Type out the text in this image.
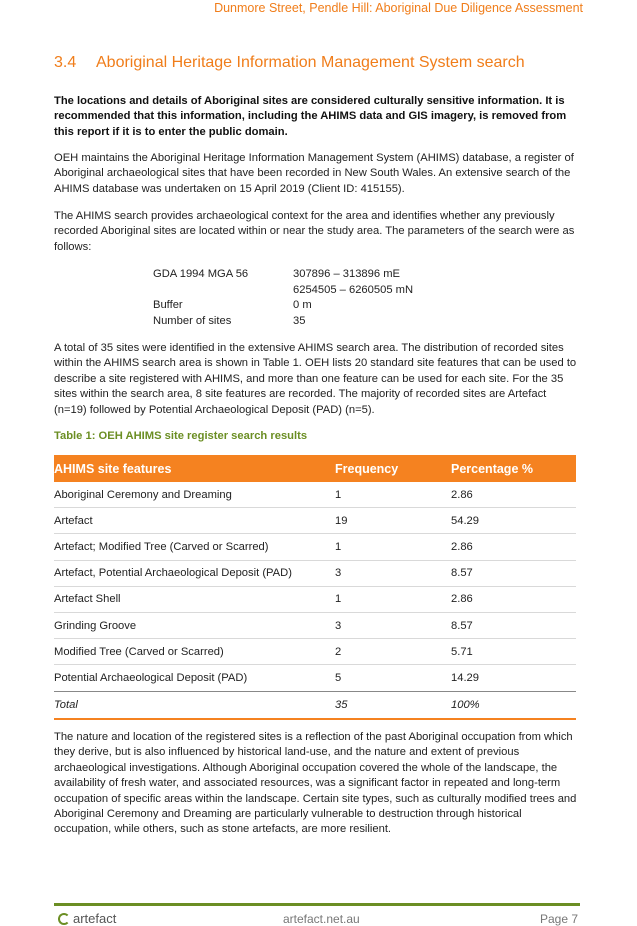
Dunmore Street, Pendle Hill: Aboriginal Due Diligence Assessment
3.4 Aboriginal Heritage Information Management System search

The locations and details of Aboriginal sites are considered culturally sensitive information. It is recommended that this information, including the AHIMS data and GIS imagery, is removed from this report if it is to enter the public domain.

OEH maintains the Aboriginal Heritage Information Management System (AHIMS) database, a register of Aboriginal archaeological sites that have been recorded in New South Wales. An extensive search of the AHIMS database was undertaken on 15 April 2019 (Client ID: 415155).

The AHIMS search provides archaeological context for the area and identifies whether any previously recorded Aboriginal sites are located within or near the study area. The parameters of the search were as follows:

GDA 1994 MGA 56	307896 – 313896 mE
6254505 – 6260505 mN
Buffer	0 m
Number of sites	35

A total of 35 sites were identified in the extensive AHIMS search area. The distribution of recorded sites within the AHIMS search area is shown in Table 1. OEH lists 20 standard site features that can be used to describe a site registered with AHIMS, and more than one feature can be used for each site. For the 35 sites within the search area, 8 site features are recorded. The majority of recorded sites are Artefact (n=19) followed by Potential Archaeological Deposit (PAD) (n=5).

Table 1: OEH AHIMS site register search results
AHIMS site features	Frequency	Percentage %
Aboriginal Ceremony and Dreaming	1	2.86
Artefact	19	54.29
Artefact; Modified Tree (Carved or Scarred)	1	2.86
Artefact, Potential Archaeological Deposit (PAD)	3	8.57
Artefact Shell	1	2.86
Grinding Groove	3	8.57
Modified Tree (Carved or Scarred)	2	5.71
Potential Archaeological Deposit (PAD)	5	14.29
Total	35	100%

The nature and location of the registered sites is a reflection of the past Aboriginal occupation from which they derive, but is also influenced by historical land-use, and the nature and extent of previous archaeological investigations. Although Aboriginal occupation covered the whole of the landscape, the availability of fresh water, and associated resources, was a significant factor in repeated and long-term occupation of specific areas within the landscape. Certain site types, such as culturally modified trees and Aboriginal Ceremony and Dreaming are particularly vulnerable to destruction through historical occupation, while others, such as stone artefacts, are more resilient.

artefact	artefact.net.au	Page 7
